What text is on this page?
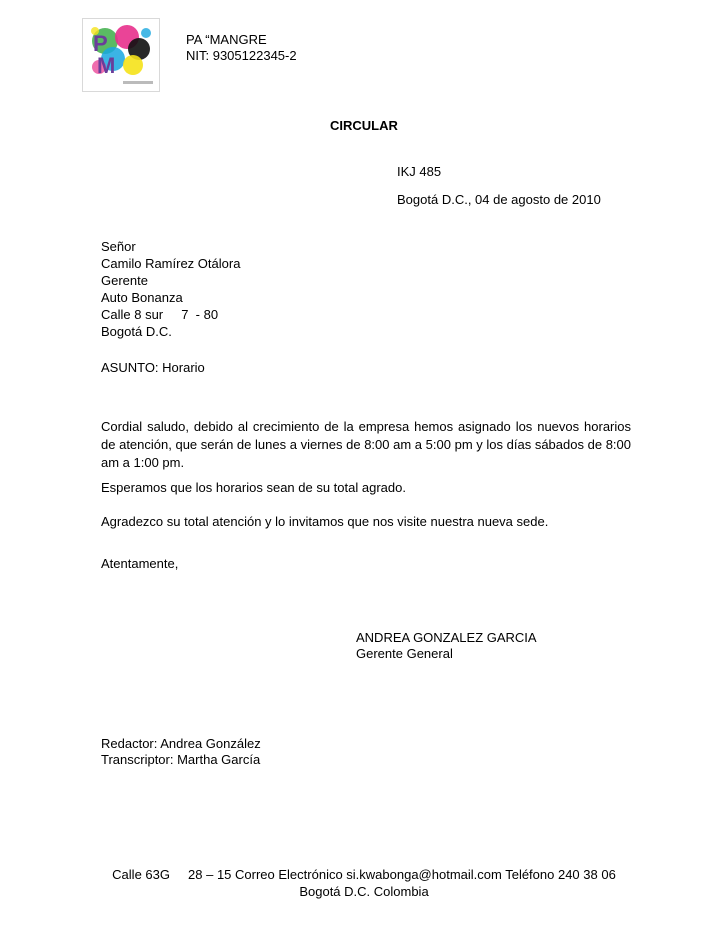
P
M
PA “MANGRE
NIT: 9305122345-2
CIRCULAR
IKJ 485
Bogotá D.C., 04 de agosto de 2010
Señor
Camilo Ramírez Otálora
Gerente
Auto Bonanza
Calle 8 sur     7  - 80
Bogotá D.C.
ASUNTO: Horario
Cordial saludo, debido al crecimiento de la empresa hemos asignado los nuevos horarios de atención, que serán de lunes a viernes de 8:00 am a 5:00 pm y los días sábados de 8:00 am a 1:00 pm.
Esperamos que los horarios sean de su total agrado.
Agradezco su total atención y lo invitamos que nos visite nuestra nueva sede.
Atentamente,
ANDREA GONZALEZ GARCIA
Gerente General
Redactor: Andrea González
Transcriptor: Martha García
Calle 63G     28 – 15 Correo Electrónico si.kwabonga@hotmail.com Teléfono 240 38 06
Bogotá D.C. Colombia
